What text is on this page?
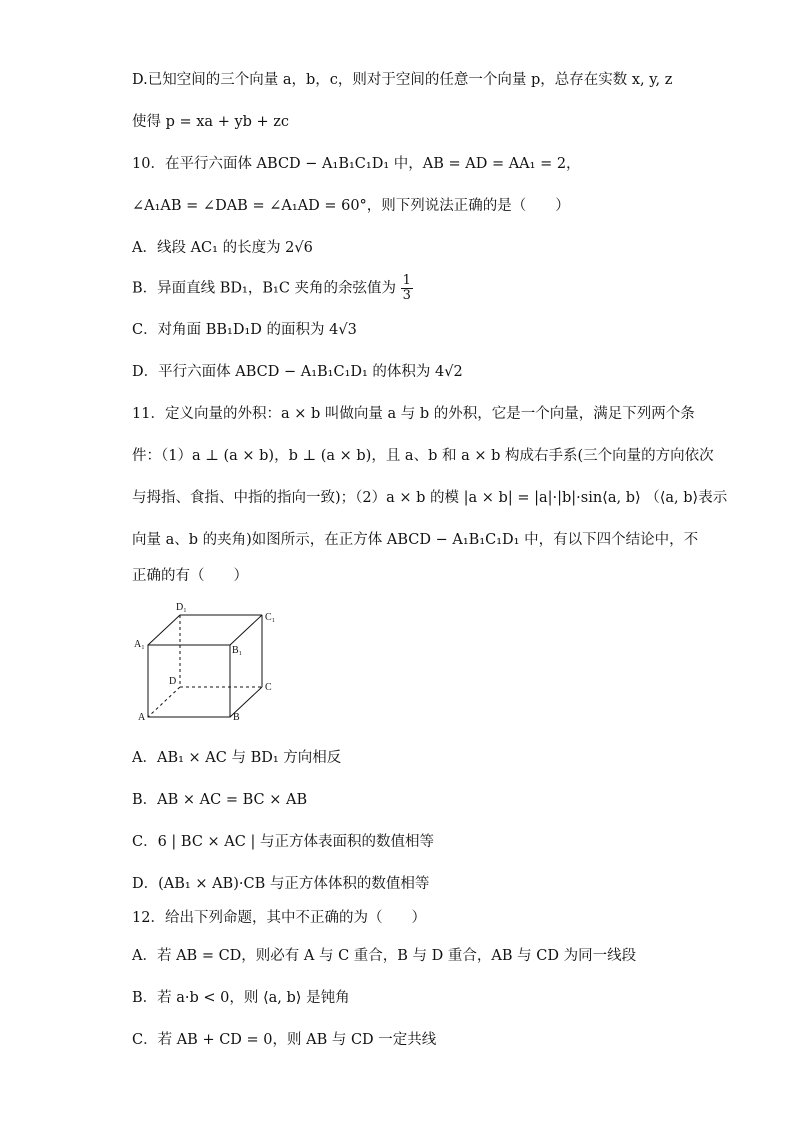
D.已知空间的三个向量 a，b，c，则对于空间的任意一个向量 p，总存在实数 x, y, z
使得 p = xa + yb + zc
10．在平行六面体 ABCD − A₁B₁C₁D₁ 中，AB = AD = AA₁ = 2，
∠A₁AB = ∠DAB = ∠A₁AD = 60°，则下列说法正确的是（　　）
A．线段 AC₁ 的长度为 2√6
B．异面直线 BD₁，B₁C 夹角的余弦值为 $\frac{1}{3}$
C．对角面 BB₁D₁D 的面积为 4√3
D．平行六面体 ABCD − A₁B₁C₁D₁ 的体积为 4√2
11．定义向量的外积：a × b 叫做向量 a 与 b 的外积，它是一个向量，满足下列两个条
件：（1）a ⊥ (a × b)，b ⊥ (a × b)，且 a、b 和 a × b 构成右手系(三个向量的方向依次
与拇指、食指、中指的指向一致)；（2）a × b 的模 |a × b| = |a|·|b|·sin⟨a, b⟩ （⟨a, b⟩表示
向量 a、b 的夹角)如图所示，在正方体 ABCD − A₁B₁C₁D₁ 中，有以下四个结论中，不
正确的有（　　）
D₁
C₁
A₁
B₁
D
C
A	B
A．AB₁ × AC 与 BD₁ 方向相反
B．AB × AC = BC × AB
C．6 | BC × AC | 与正方体表面积的数值相等
D．(AB₁ × AB)·CB 与正方体体积的数值相等
12．给出下列命题，其中不正确的为（　　）
A．若 AB = CD，则必有 A 与 C 重合，B 与 D 重合，AB 与 CD 为同一线段
B．若 a·b < 0，则 ⟨a, b⟩ 是钝角
C．若 AB + CD = 0，则 AB 与 CD 一定共线
